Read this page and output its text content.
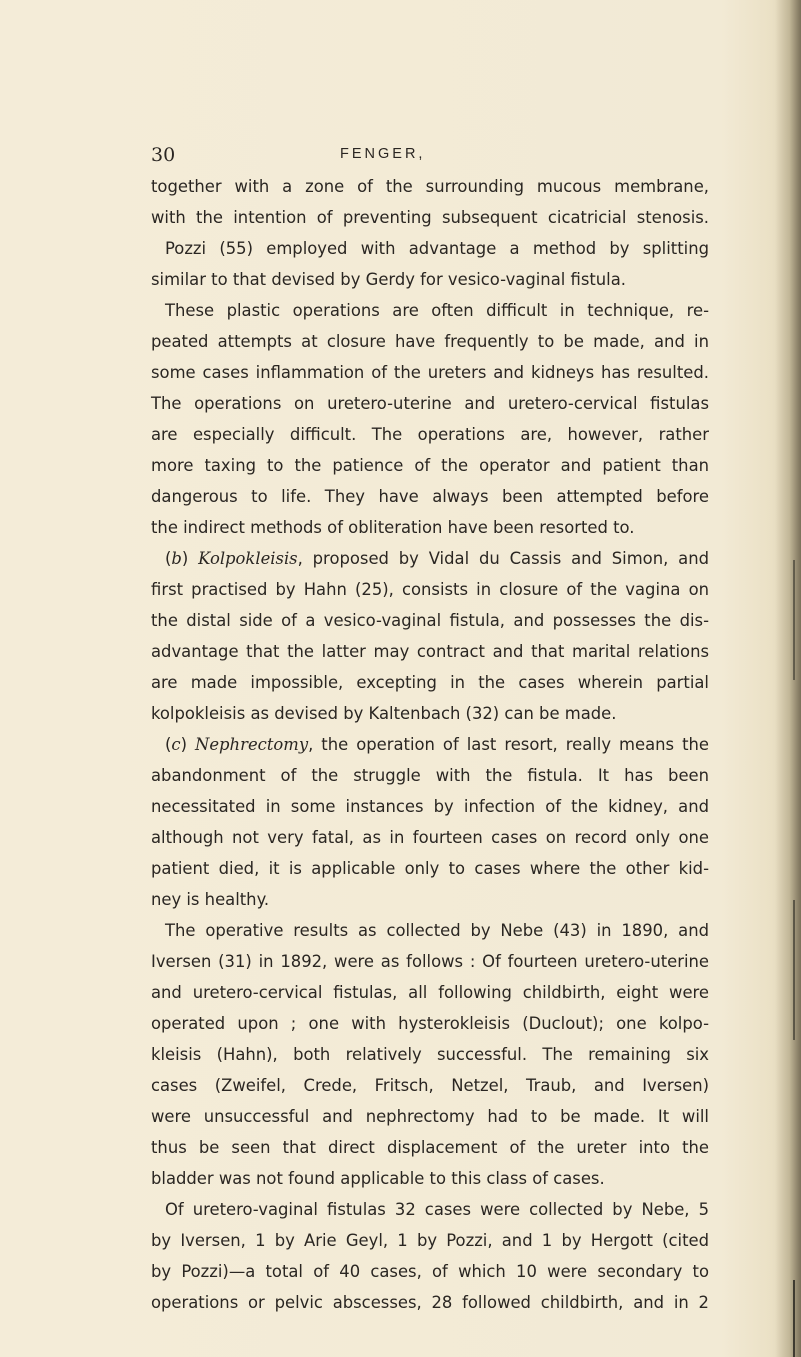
30	FENGER,
together with a zone of the surrounding mucous membrane,
with the intention of preventing subsequent cicatricial stenosis.
Pozzi (55) employed with advantage a method by splitting
similar to that devised by Gerdy for vesico-vaginal fistula.
These plastic operations are often difficult in technique, re-
peated attempts at closure have frequently to be made, and in
some cases inflammation of the ureters and kidneys has resulted.
The operations on uretero-uterine and uretero-cervical fistulas
are especially difficult. The operations are, however, rather
more taxing to the patience of the operator and patient than
dangerous to life. They have always been attempted before
the indirect methods of obliteration have been resorted to.
(b) Kolpokleisis, proposed by Vidal du Cassis and Simon, and
first practised by Hahn (25), consists in closure of the vagina on
the distal side of a vesico-vaginal fistula, and possesses the dis-
advantage that the latter may contract and that marital relations
are made impossible, excepting in the cases wherein partial
kolpokleisis as devised by Kaltenbach (32) can be made.
(c) Nephrectomy, the operation of last resort, really means the
abandonment of the struggle with the fistula. It has been
necessitated in some instances by infection of the kidney, and
although not very fatal, as in fourteen cases on record only one
patient died, it is applicable only to cases where the other kid-
ney is healthy.
The operative results as collected by Nebe (43) in 1890, and
Iversen (31) in 1892, were as follows : Of fourteen uretero-uterine
and uretero-cervical fistulas, all following childbirth, eight were
operated upon ; one with hysterokleisis (Duclout); one kolpo-
kleisis (Hahn), both relatively successful. The remaining six
cases (Zweifel, Crede, Fritsch, Netzel, Traub, and Iversen)
were unsuccessful and nephrectomy had to be made. It will
thus be seen that direct displacement of the ureter into the
bladder was not found applicable to this class of cases.
Of uretero-vaginal fistulas 32 cases were collected by Nebe, 5
by Iversen, 1 by Arie Geyl, 1 by Pozzi, and 1 by Hergott (cited
by Pozzi)—a total of 40 cases, of which 10 were secondary to
operations or pelvic abscesses, 28 followed childbirth, and in 2
